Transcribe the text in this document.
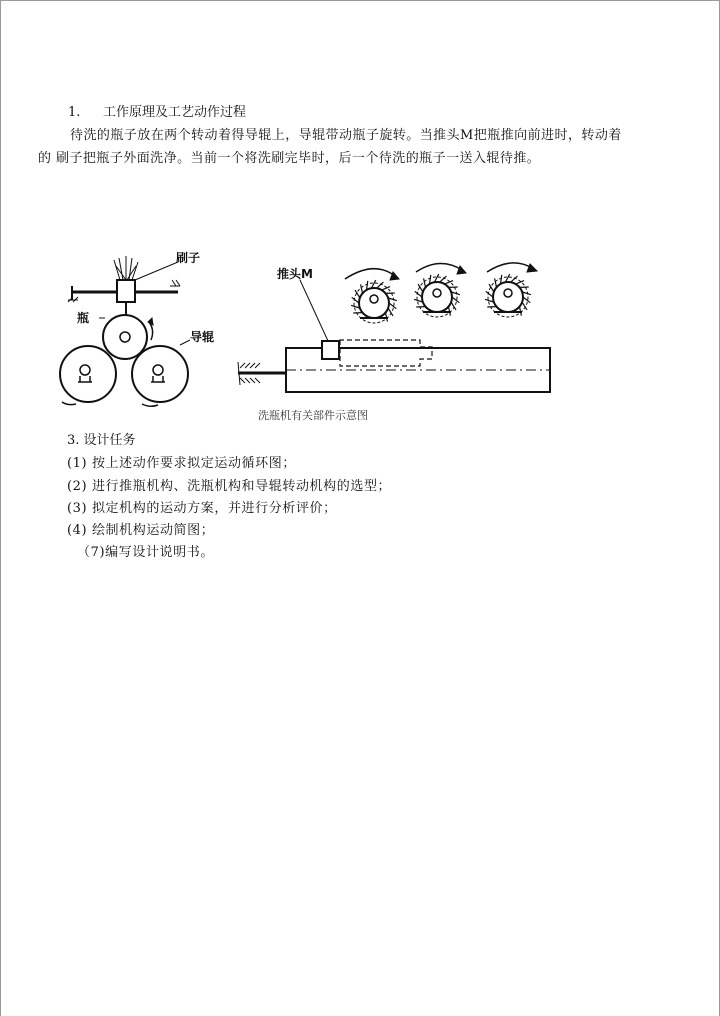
1. 工作原理及工艺动作过程
待洗的瓶子放在两个转动着得导辊上，导辊带动瓶子旋转。当推头M把瓶推向前进时，转动着
的 刷子把瓶子外面洗净。当前一个将洗刷完毕时，后一个待洗的瓶子一送入辊待推。
刷子
瓶
导辊
推头M
洗瓶机有关部件示意图
3. 设计任务
(1) 按上述动作要求拟定运动循环图；
(2) 进行推瓶机构、洗瓶机构和导辊转动机构的选型；
(3) 拟定机构的运动方案，并进行分析评价；
(4) 绘制机构运动简图；
（7)编写设计说明书。
